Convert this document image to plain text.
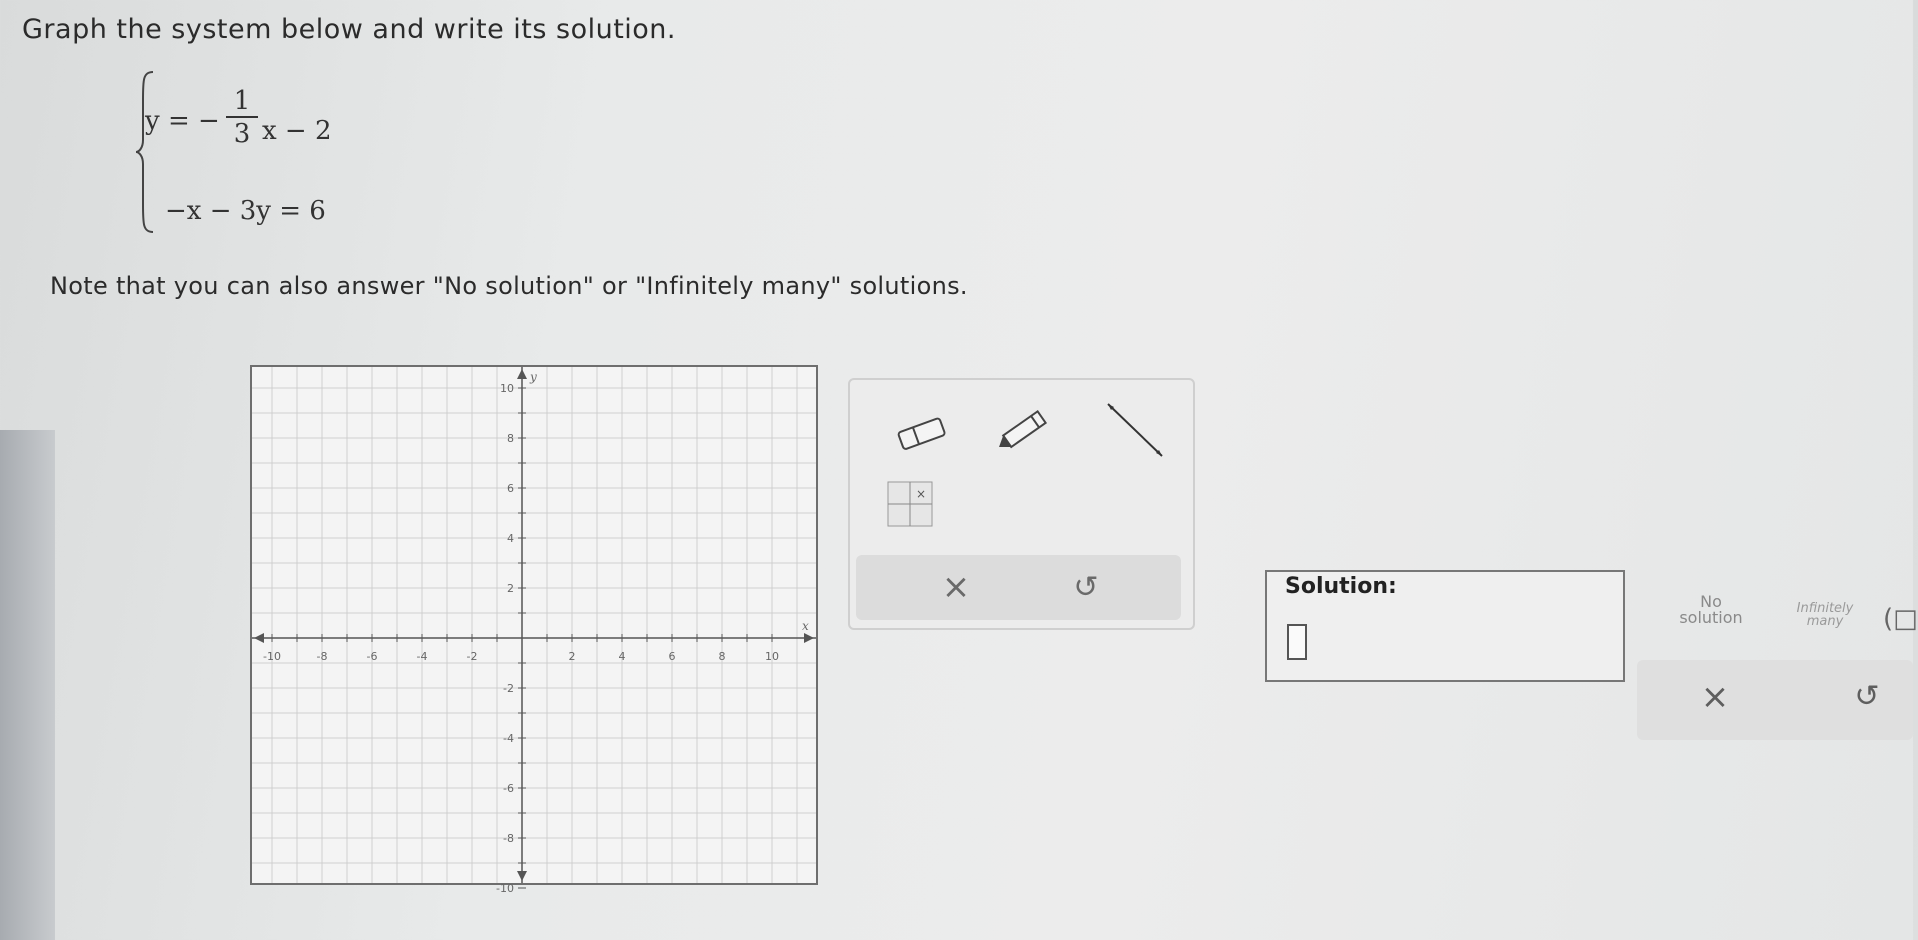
Graph the system below and write its solution.
y = −
1
3 x − 2
−x − 3y = 6
Note that you can also answer "No solution" or "Infinitely many" solutions.
-10	-8	-6	-4	-2	2	4	6	8	10
10
8
6
4
2
-2
-4
-6
-8
-10
x
y
×
×	↺	Solution:
No
solution	Infinitely
many	(□
×	↺
